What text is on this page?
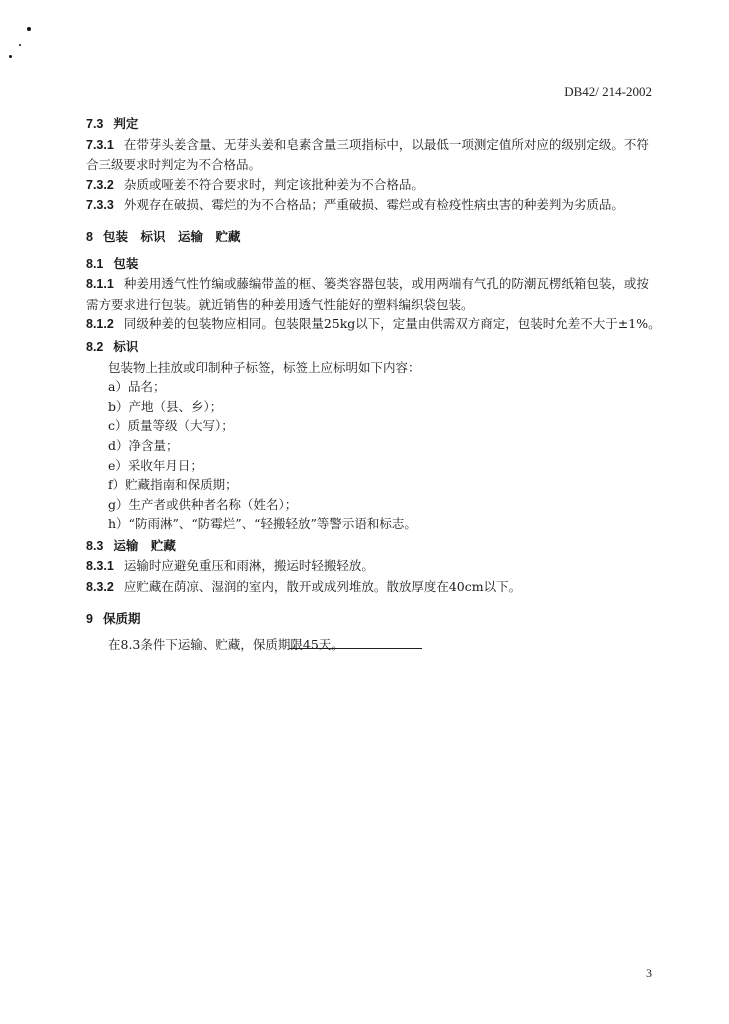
DB42/ 214-2002
7.3 判定
7.3.1 在带芽头姜含量、无芽头姜和皂素含量三项指标中，以最低一项测定值所对应的级别定级。不符合三级要求时判定为不合格品。
7.3.2 杂质或哑姜不符合要求时，判定该批种姜为不合格品。
7.3.3 外观存在破损、霉烂的为不合格品；严重破损、霉烂或有检疫性病虫害的种姜判为劣质品。
8 包装　标识　运输　贮藏
8.1 包装
8.1.1 种姜用透气性竹编或藤编带盖的框、篓类容器包装，或用两端有气孔的防潮瓦楞纸箱包装，或按需方要求进行包装。就近销售的种姜用透气性能好的塑料编织袋包装。
8.1.2 同级种姜的包装物应相同。包装限量25kg以下，定量由供需双方商定，包装时允差不大于±1%。
8.2 标识
包装物上挂放或印制种子标签，标签上应标明如下内容：
a）品名；
b）产地（县、乡）；
c）质量等级（大写）；
d）净含量；
e）采收年月日；
f）贮藏指南和保质期；
g）生产者或供种者名称（姓名）；
h）“防雨淋”、“防霉烂”、“轻搬轻放”等警示语和标志。
8.3 运输　贮藏
8.3.1 运输时应避免重压和雨淋，搬运时轻搬轻放。
8.3.2 应贮藏在荫凉、湿润的室内，散开或成列堆放。散放厚度在40cm以下。
9 保质期
在8.3条件下运输、贮藏，保质期限45天。
3
